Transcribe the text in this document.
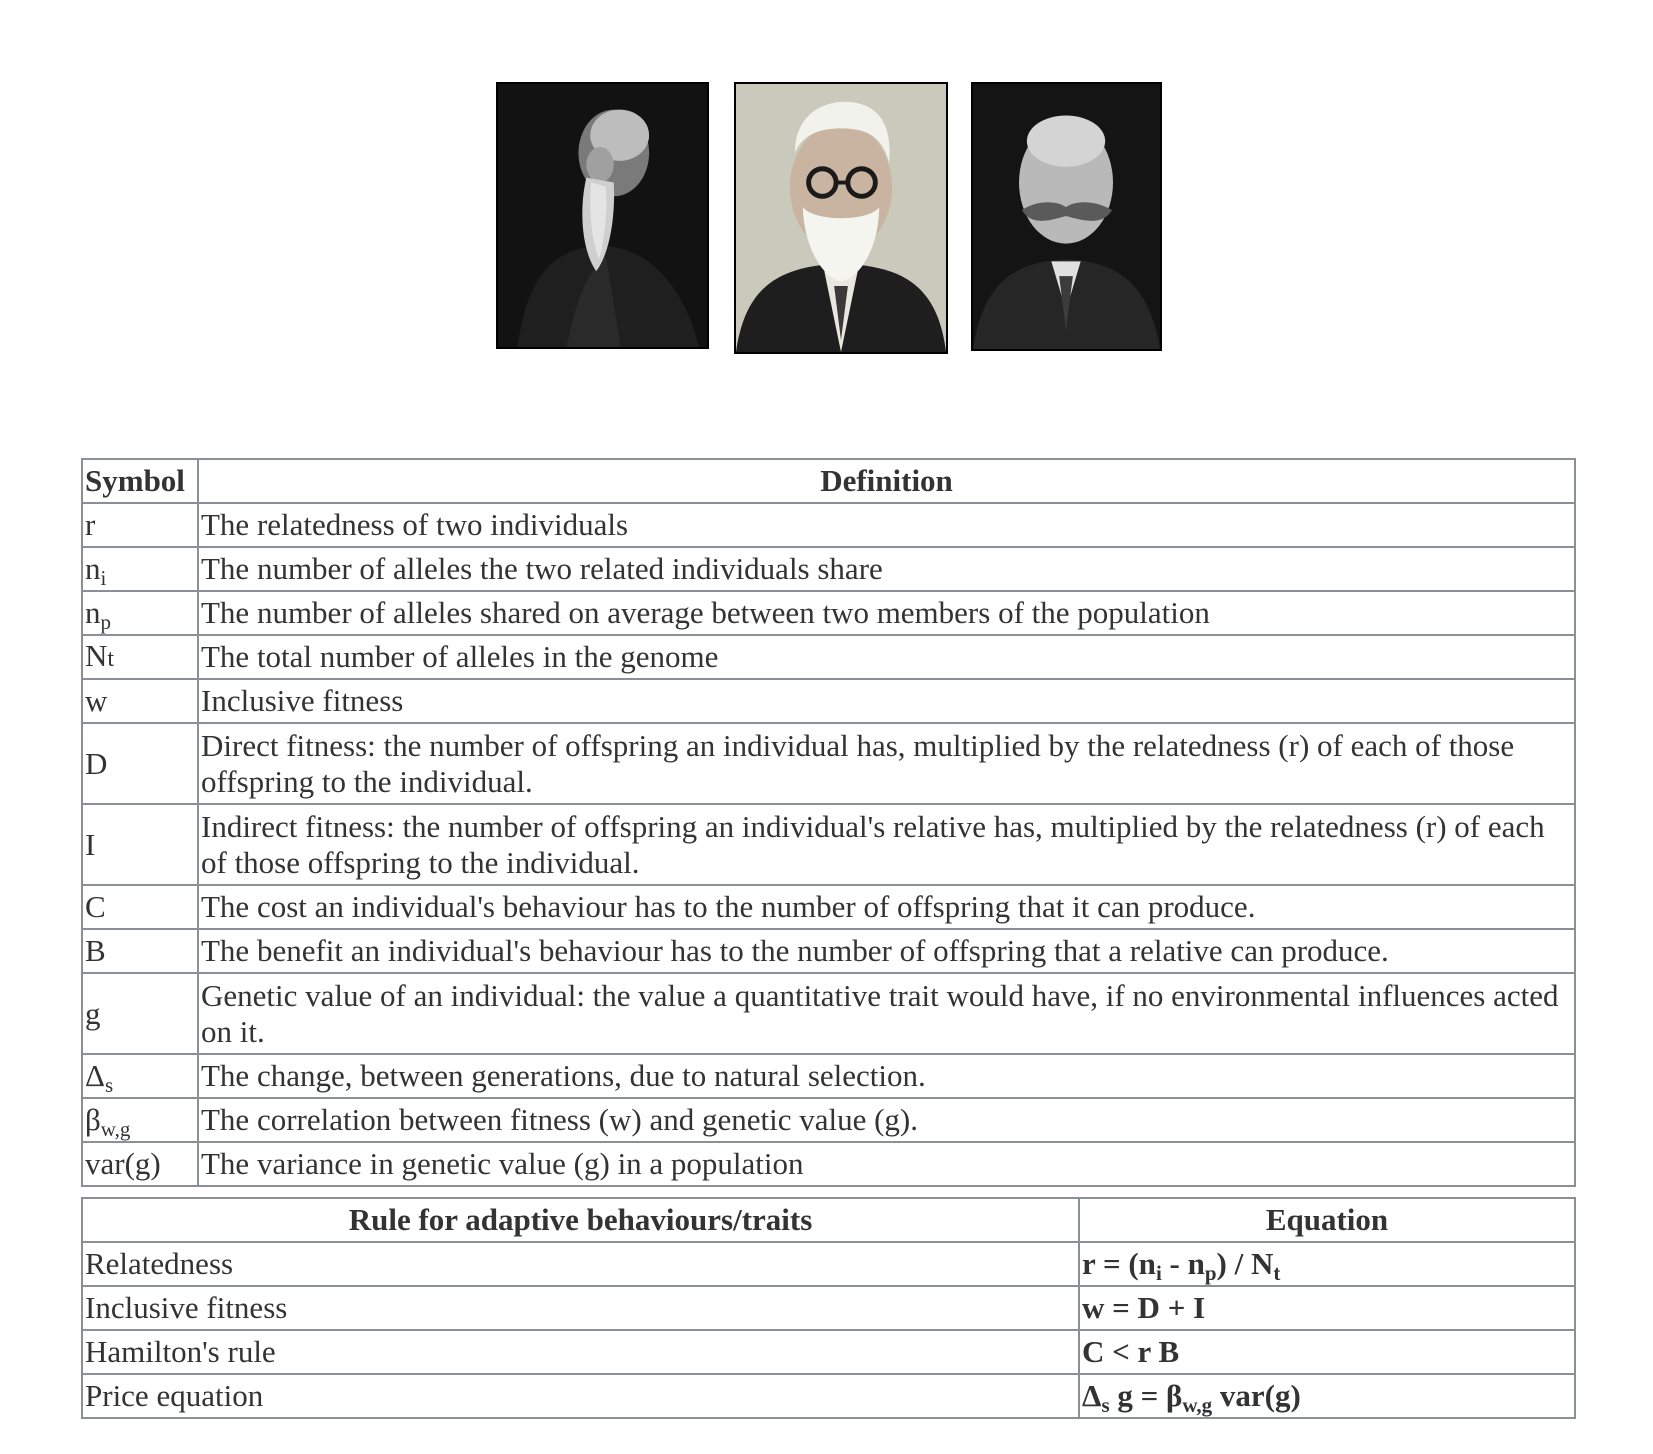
Symbol	Definition
r	The relatedness of two individuals
$n_i$	The number of alleles the two related individuals share
$n_p$	The number of alleles shared on average between two members of the population
Nt	The total number of alleles in the genome
w	Inclusive fitness
D	Direct fitness: the number of offspring an individual has, multiplied by the relatedness (r) of each of those offspring to the individual.
I	Indirect fitness: the number of offspring an individual's relative has, multiplied by the relatedness (r) of each of those offspring to the individual.
C	The cost an individual's behaviour has to the number of offspring that it can produce.
B	The benefit an individual's behaviour has to the number of offspring that a relative can produce.
g	Genetic value of an individual: the value a quantitative trait would have, if no environmental influences acted on it.
$\Delta_s$	The change, between generations, due to natural selection.
$\beta_{w,g}$	The correlation between fitness (w) and genetic value (g).
var(g)	The variance in genetic value (g) in a population
Rule for adaptive behaviours/traits	Equation
Relatedness	$r = (n_i - n_p) / N_t$
Inclusive fitness	w = D + I
Hamilton's rule	C < r B
Price equation	$\Delta_s$ $g = \beta_{w,g}$ var(g)
